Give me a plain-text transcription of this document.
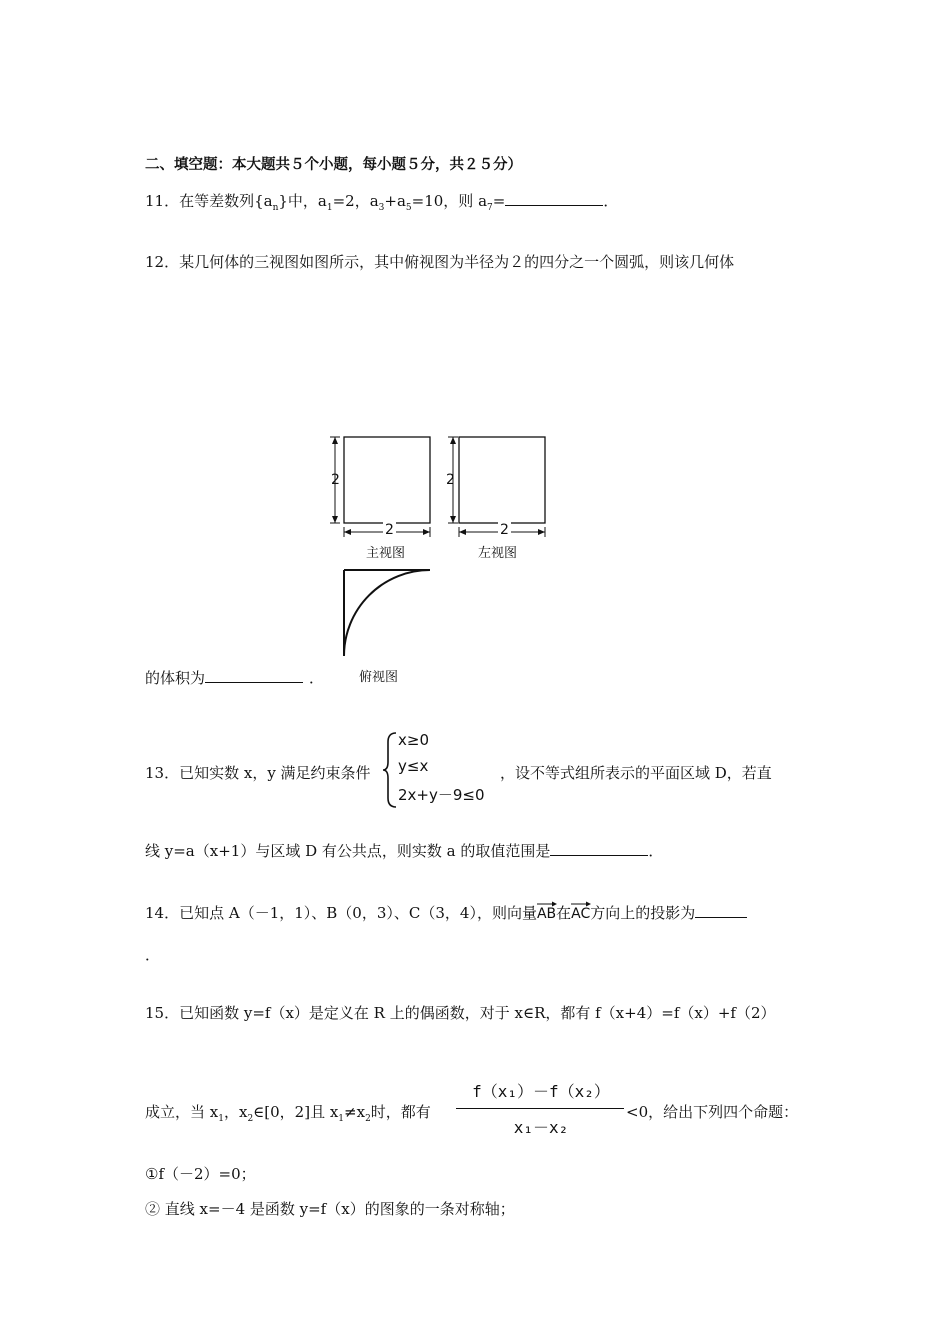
二、填空题：本大题共５个小题，每小题５分，共２５分）
11．在等差数列$\{a_n\}$中，$a_1=2$，$a_3+a_5=10$，则 $a_7=$	．
12．某几何体的三视图如图所示，其中俯视图为半径为２的四分之一个圆弧，则该几何体
2
2
2
2
主视图	左视图
俯视图
的体积为	．
13．已知实数 x，y 满足约束条件
x≥0
y≤x
2x+y－9≤0
，设不等式组所表示的平面区域 D，若直
线 y=a（x+1）与区域 D 有公共点，则实数 a 的取值范围是	．
14．已知点 A（－1，1）、B（0，3）、C（3，4），则向量
AB在
AC方向上的投影为
．
15．已知函数 y=f（x）是定义在 R 上的偶函数，对于 x∈R，都有 f（x+4）=f（x）+f（2）
成立，当 $x_1$，$x_2\in[0$，2]且 $x_1\ne x_2$时，都有
f（x₁）－f（x₂）
x₁－x₂
<0，给出下列四个命题：
①f（－2）=0；
② 直线 x=－4 是函数 y=f（x）的图象的一条对称轴；
